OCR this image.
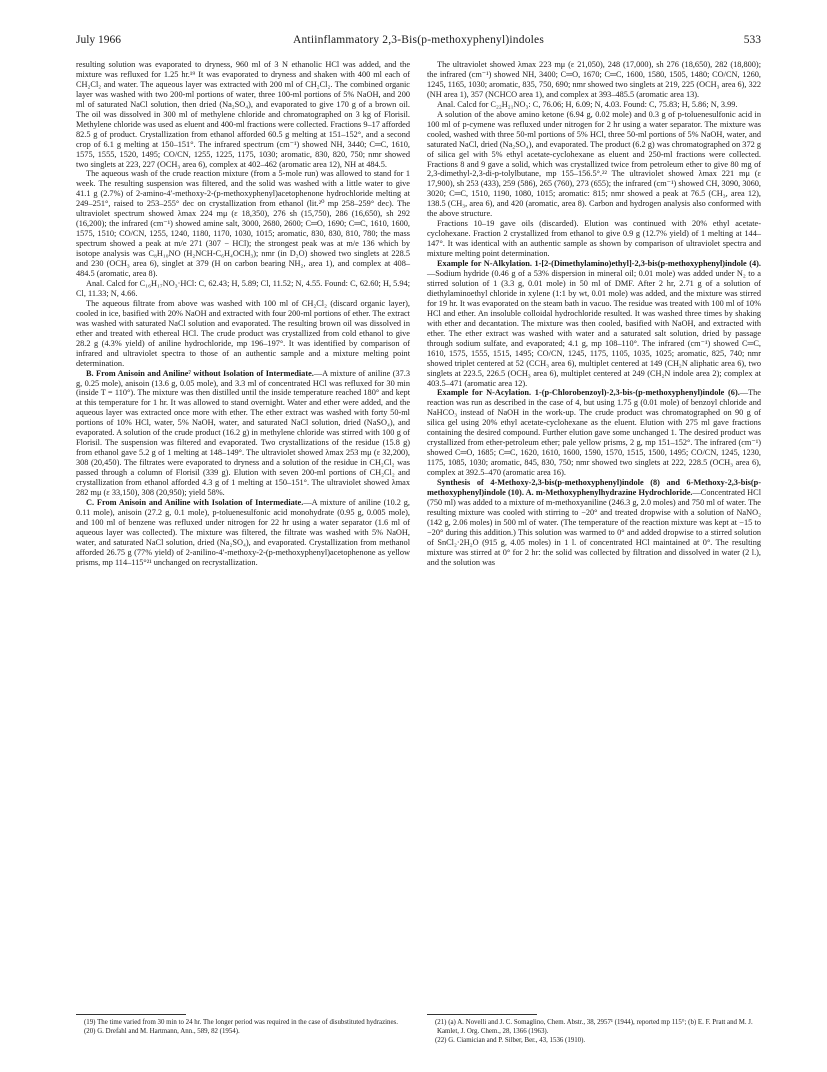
July 1966	Antiinflammatory 2,3-Bis(p-methoxyphenyl)indoles	533

resulting solution was evaporated to dryness, 960 ml of 3 N ethanolic HCl was added, and the mixture was refluxed for 1.25 hr.¹⁹ It was evaporated to dryness and shaken with 400 ml each of CH₂Cl₂ and water. The aqueous layer was extracted with 200 ml of CH₂Cl₂. The combined organic layer was washed with two 200-ml portions of water, three 100-ml portions of 5% NaOH, and 200 ml of saturated NaCl solution, then dried (Na₂SO₄), and evaporated to give 170 g of a brown oil. The oil was dissolved in 300 ml of methylene chloride and chromatographed on 3 kg of Florisil. Methylene chloride was used as eluent and 400-ml fractions were collected. Fractions 9–17 afforded 82.5 g of product. Crystallization from ethanol afforded 60.5 g melting at 151–152°, and a second crop of 6.1 g melting at 150–151°. The infrared spectrum (cm⁻¹) showed NH, 3440; C═C, 1610, 1575, 1555, 1520, 1495; CO/CN, 1255, 1225, 1175, 1030; aromatic, 830, 820, 750; nmr showed two singlets at 223, 227 (OCH₃ area 6), complex at 402–462 (aromatic area 12), NH at 484.5.

The aqueous wash of the crude reaction mixture (from a 5-mole run) was allowed to stand for 1 week. The resulting suspension was filtered, and the solid was washed with a little water to give 41.1 g (2.7%) of 2-amino-4′-methoxy-2-(p-methoxyphenyl)acetophenone hydrochloride melting at 249–251°, raised to 253–255° dec on crystallization from ethanol (lit.²⁰ mp 258–259° dec). The ultraviolet spectrum showed λmax 224 mμ (ε 18,350), 276 sh (15,750), 286 (16,650), sh 292 (16,200); the infrared (cm⁻¹) showed amine salt, 3000, 2680, 2600; C═O, 1690; C═C, 1610, 1600, 1575, 1510; CO/CN, 1255, 1240, 1180, 1170, 1030, 1015; aromatic, 830, 830, 810, 780; the mass spectrum showed a peak at m/e 271 (307 − HCl); the strongest peak was at m/e 136 which by isotope analysis was C₈H₁₀NO (H₂NCH-C₆H₄OCH₃); nmr (in D₂O) showed two singlets at 228.5 and 230 (OCH₃ area 6), singlet at 379 (H on carbon bearing NH₂, area 1), and complex at 408–484.5 (aromatic, area 8).

Anal. Calcd for C₁₆H₁₇NO₃·HCl: C, 62.43; H, 5.89; Cl, 11.52; N, 4.55. Found: C, 62.60; H, 5.94; Cl, 11.33; N, 4.66.

The aqueous filtrate from above was washed with 100 ml of CH₂Cl₂ (discard organic layer), cooled in ice, basified with 20% NaOH and extracted with four 200-ml portions of ether. The extract was washed with saturated NaCl solution and evaporated. The resulting brown oil was dissolved in ether and treated with ethereal HCl. The crude product was crystallized from cold ethanol to give 28.2 g (4.3% yield) of aniline hydrochloride, mp 196–197°. It was identified by comparison of infrared and ultraviolet spectra to those of an authentic sample and a mixture melting point determination.

B. From Anisoin and Aniline⁷ without Isolation of Intermediate.—A mixture of aniline (37.3 g, 0.25 mole), anisoin (13.6 g, 0.05 mole), and 3.3 ml of concentrated HCl was refluxed for 30 min (inside T = 110°). The mixture was then distilled until the inside temperature reached 180° and kept at this temperature for 1 hr. It was allowed to stand overnight. Water and ether were added, and the aqueous layer was extracted once more with ether. The ether extract was washed with forty 50-ml portions of 10% HCl, water, 5% NaOH, water, and saturated NaCl solution, dried (NaSO₄), and evaporated. A solution of the crude product (16.2 g) in methylene chloride was stirred with 100 g of Florisil. The suspension was filtered and evaporated. Two crystallizations of the residue (15.8 g) from ethanol gave 5.2 g of 1 melting at 148–149°. The ultraviolet showed λmax 253 mμ (ε 32,200), 308 (20,450). The filtrates were evaporated to dryness and a solution of the residue in CH₂Cl₂ was passed through a column of Florisil (339 g). Elution with seven 200-ml portions of CH₂Cl₂ and crystallization from ethanol afforded 4.3 g of 1 melting at 150–151°. The ultraviolet showed λmax 282 mμ (ε 33,150), 308 (20,950); yield 58%.

C. From Anisoin and Aniline with Isolation of Intermediate.—A mixture of aniline (10.2 g, 0.11 mole), anisoin (27.2 g, 0.1 mole), p-toluenesulfonic acid monohydrate (0.95 g, 0.005 mole), and 100 ml of benzene was refluxed under nitrogen for 22 hr using a water separator (1.6 ml of aqueous layer was collected). The mixture was filtered, the filtrate was washed with 5% NaOH, water, and saturated NaCl solution, dried (Na₂SO₄), and evaporated. Crystallization from methanol afforded 26.75 g (77% yield) of 2-anilino-4′-methoxy-2-(p-methoxyphenyl)acetophenone as yellow prisms, mp 114–115°²¹ unchanged on recrystallization.

The ultraviolet showed λmax 223 mμ (ε 21,050), 248 (17,000), sh 276 (18,650), 282 (18,800); the infrared (cm⁻¹) showed NH, 3400; C═O, 1670; C═C, 1600, 1580, 1505, 1480; CO/CN, 1260, 1245, 1165, 1030; aromatic, 835, 750, 690; nmr showed two singlets at 219, 225 (OCH₃ area 6), 322 (NH area 1), 357 (NCHCO area 1), and complex at 393–485.5 (aromatic area 13).

Anal. Calcd for C₂₂H₂₁NO₃: C, 76.06; H, 6.09; N, 4.03. Found: C, 75.83; H, 5.86; N, 3.99.

A solution of the above amino ketone (6.94 g, 0.02 mole) and 0.3 g of p-toluenesulfonic acid in 100 ml of p-cymene was refluxed under nitrogen for 2 hr using a water separator. The mixture was cooled, washed with three 50-ml portions of 5% HCl, three 50-ml portions of 5% NaOH, water, and saturated NaCl, dried (Na₂SO₄), and evaporated. The product (6.2 g) was chromatographed on 372 g of silica gel with 5% ethyl acetate-cyclohexane as eluent and 250-ml fractions were collected. Fractions 8 and 9 gave a solid, which was crystallized twice from petroleum ether to give 80 mg of 2,3-dimethyl-2,3-di-p-tolylbutane, mp 155–156.5°.²² The ultraviolet showed λmax 221 mμ (ε 17,900), sh 253 (433), 259 (586), 265 (760), 273 (655); the infrared (cm⁻¹) showed CH, 3090, 3060, 3020; C═C, 1510, 1190, 1080, 1015; aromatic: 815; nmr showed a peak at 76.5 (CH₃, area 12), 138.5 (CH₃, area 6), and 420 (aromatic, area 8). Carbon and hydrogen analysis also conformed with the above structure.

Fractions 10–19 gave oils (discarded). Elution was continued with 20% ethyl acetate-cyclohexane. Fraction 2 crystallized from ethanol to give 0.9 g (12.7% yield) of 1 melting at 144–147°. It was identical with an authentic sample as shown by comparison of ultraviolet spectra and mixture melting point determination.

Example for N-Alkylation. 1-[2-(Dimethylamino)ethyl]-2,3-bis(p-methoxyphenyl)indole (4).—Sodium hydride (0.46 g of a 53% dispersion in mineral oil; 0.01 mole) was added under N₂ to a stirred solution of 1 (3.3 g, 0.01 mole) in 50 ml of DMF. After 2 hr, 2.71 g of a solution of diethylaminoethyl chloride in xylene (1:1 by wt, 0.01 mole) was added, and the mixture was stirred for 19 hr. It was evaporated on the steam bath in vacuo. The residue was treated with 100 ml of 10% HCl and ether. An insoluble colloidal hydrochloride resulted. It was washed three times by shaking with ether and decantation. The mixture was then cooled, basified with NaOH, and extracted with ether. The ether extract was washed with water and a saturated salt solution, dried by passage through sodium sulfate, and evaporated; 4.1 g, mp 108–110°. The infrared (cm⁻¹) showed C═C, 1610, 1575, 1555, 1515, 1495; CO/CN, 1245, 1175, 1105, 1035, 1025; aromatic, 825, 740; nmr showed triplet centered at 52 (CCH₃ area 6), multiplet centered at 149 (CH₂N aliphatic area 6), two singlets at 223.5, 226.5 (OCH₃ area 6), multiplet centered at 249 (CH₂N indole area 2); complex at 403.5–471 (aromatic area 12).

Example for N-Acylation. 1-(p-Chlorobenzoyl)-2,3-bis-(p-methoxyphenyl)indole (6).—The reaction was run as described in the case of 4, but using 1.75 g (0.01 mole) of benzoyl chloride and NaHCO₃ instead of NaOH in the work-up. The crude product was chromatographed on 90 g of silica gel using 20% ethyl acetate-cyclohexane as the eluent. Elution with 275 ml gave fractions containing the desired compound. Further elution gave some unchanged 1. The desired product was crystallized from ether-petroleum ether; pale yellow prisms, 2 g, mp 151–152°. The infrared (cm⁻¹) showed C═O, 1685; C═C, 1620, 1610, 1600, 1590, 1570, 1515, 1500, 1495; CO/CN, 1245, 1230, 1175, 1085, 1030; aromatic, 845, 830, 750; nmr showed two singlets at 222, 228.5 (OCH₃ area 6), complex at 392.5–470 (aromatic area 16).

Synthesis of 4-Methoxy-2,3-bis(p-methoxyphenyl)indole (8) and 6-Methoxy-2,3-bis(p-methoxyphenyl)indole (10). A. m-Methoxyphenylhydrazine Hydrochloride.—Concentrated HCl (750 ml) was added to a mixture of m-methoxyaniline (246.3 g, 2.0 moles) and 750 ml of water. The resulting mixture was cooled with stirring to −20° and treated dropwise with a solution of NaNO₂ (142 g, 2.06 moles) in 500 ml of water. (The temperature of the reaction mixture was kept at −15 to −20° during this addition.) This solution was warmed to 0° and added dropwise to a stirred solution of SnCl₂·2H₂O (915 g, 4.05 moles) in 1 l. of concentrated HCl maintained at 0°. The resulting mixture was stirred at 0° for 2 hr: the solid was collected by filtration and dissolved in water (2 l.), and the solution was

(19) The time varied from 30 min to 24 hr. The longer period was required in the case of disubstituted hydrazines.

(20) G. Drefahl and M. Hartmann, Ann., 589, 82 (1954).

(21) (a) A. Novelli and J. C. Somaglino, Chem. Abstr., 38, 2957¹ (1944), reported mp 115°; (b) E. F. Pratt and M. J. Kamlet, J. Org. Chem., 28, 1366 (1963).

(22) G. Ciamician and P. Silber, Ber., 43, 1536 (1910).
